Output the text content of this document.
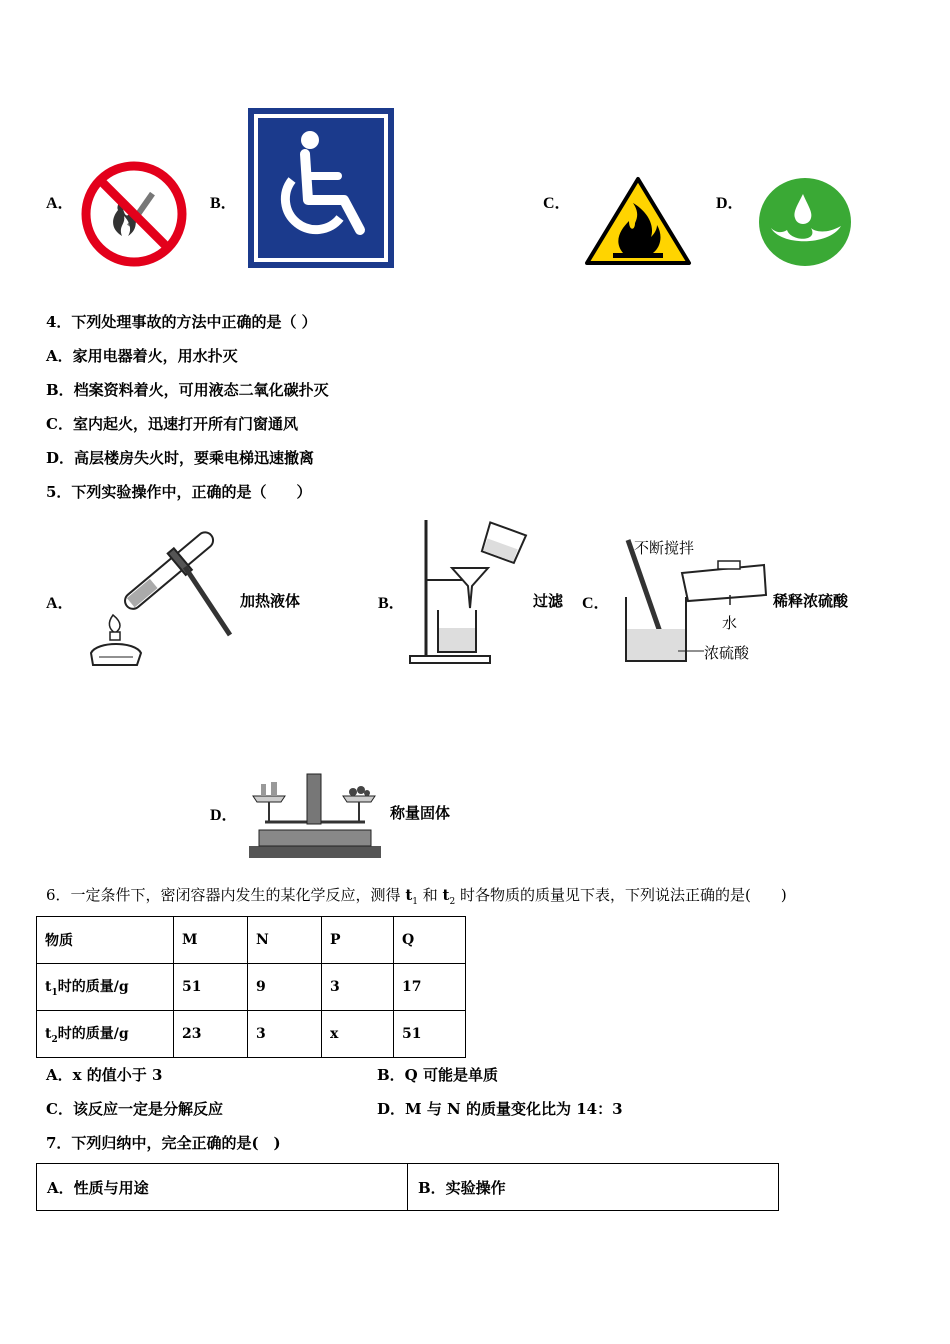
A．	B．	C．	D．
4．下列处理事故的方法中正确的是（ ）
A．家用电器着火，用水扑灭
B．档案资料着火，可用液态二氧化碳扑灭
C．室内起火，迅速打开所有门窗通风
D．高层楼房失火时，要乘电梯迅速撤离
5．下列实验操作中，正确的是（　　）
A．	加热液体	B．	过滤 C．
不断搅拌
水
浓硫酸
稀释浓硫酸
D．	称量固体
6．一定条件下，密闭容器内发生的某化学反应，测得 $t_1$ 和 $t_2$ 时各物质的质量见下表，下列说法正确的是(　　)
物质	M	N	P	Q
$t_1$时的质量/g	51	9	3	17
$t_2$时的质量/g	23	3	x	51
A．x 的值小于 3	B．Q 可能是单质
C．该反应一定是分解反应	D．M 与 N 的质量变化比为 14：3
7．下列归纳中，完全正确的是(　)
A．性质与用途	B．实验操作
